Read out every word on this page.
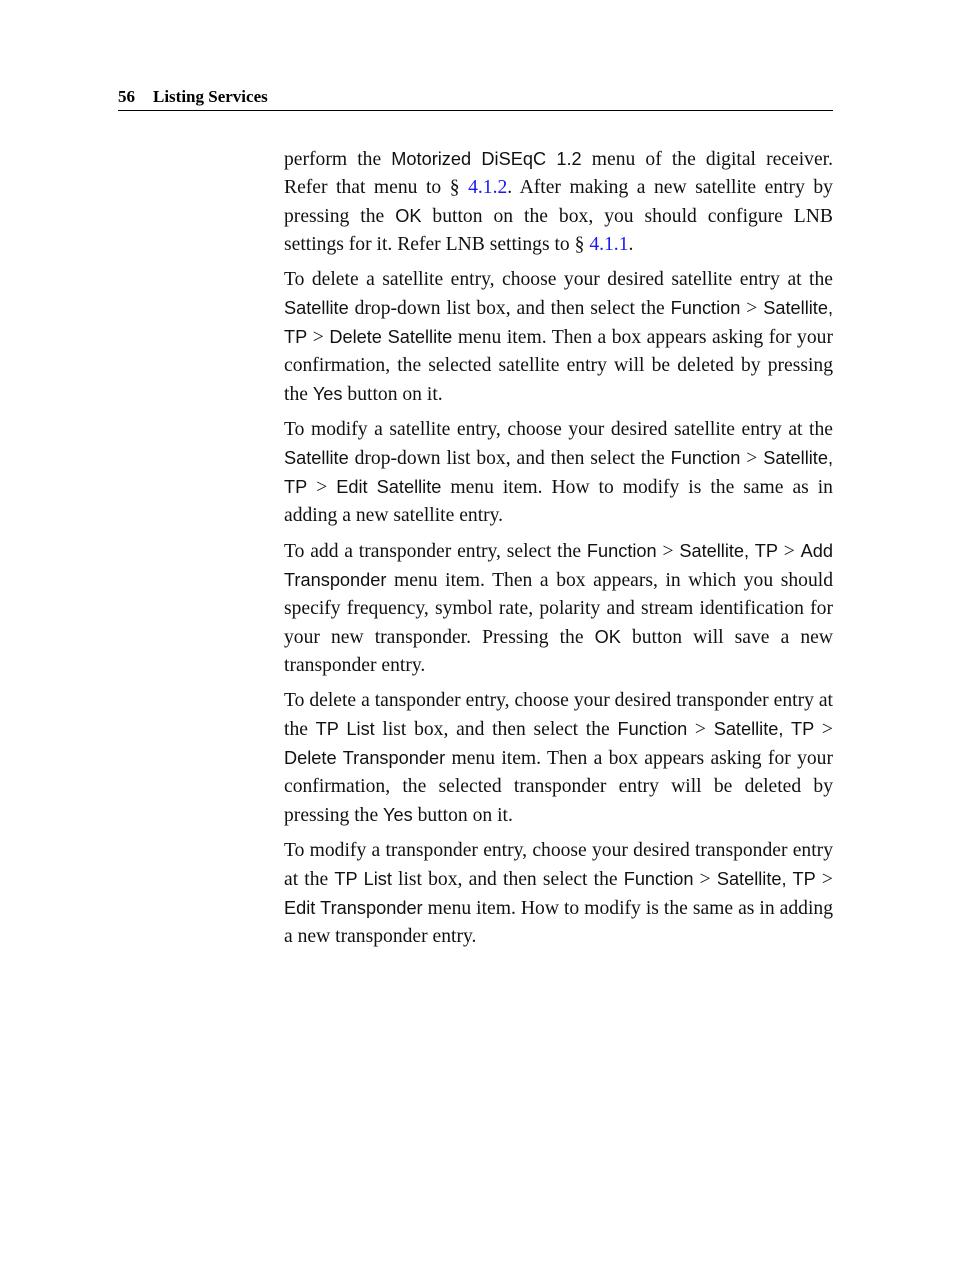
56 Listing Services

perform the Motorized DiSEqC 1.2 menu of the digital receiver. Refer that menu to § 4.1.2. After making a new satellite entry by pressing the OK button on the box, you should configure LNB settings for it. Refer LNB settings to § 4.1.1.

To delete a satellite entry, choose your desired satellite entry at the Satellite drop-down list box, and then select the Function > Satellite, TP > Delete Satellite menu item. Then a box appears asking for your confirmation, the selected satellite entry will be deleted by pressing the Yes button on it.

To modify a satellite entry, choose your desired satellite entry at the Satellite drop-down list box, and then select the Function > Satellite, TP > Edit Satellite menu item. How to modify is the same as in adding a new satellite entry.

To add a transponder entry, select the Function > Satellite, TP > Add Transponder menu item. Then a box appears, in which you should specify frequency, symbol rate, polarity and stream identification for your new transponder. Pressing the OK button will save a new transponder entry.

To delete a tansponder entry, choose your desired transponder entry at the TP List list box, and then select the Function > Satellite, TP > Delete Transponder menu item. Then a box appears asking for your confirmation, the selected transponder entry will be deleted by pressing the Yes button on it.

To modify a transponder entry, choose your desired transponder entry at the TP List list box, and then select the Function > Satellite, TP > Edit Transponder menu item. How to modify is the same as in adding a new transponder entry.
